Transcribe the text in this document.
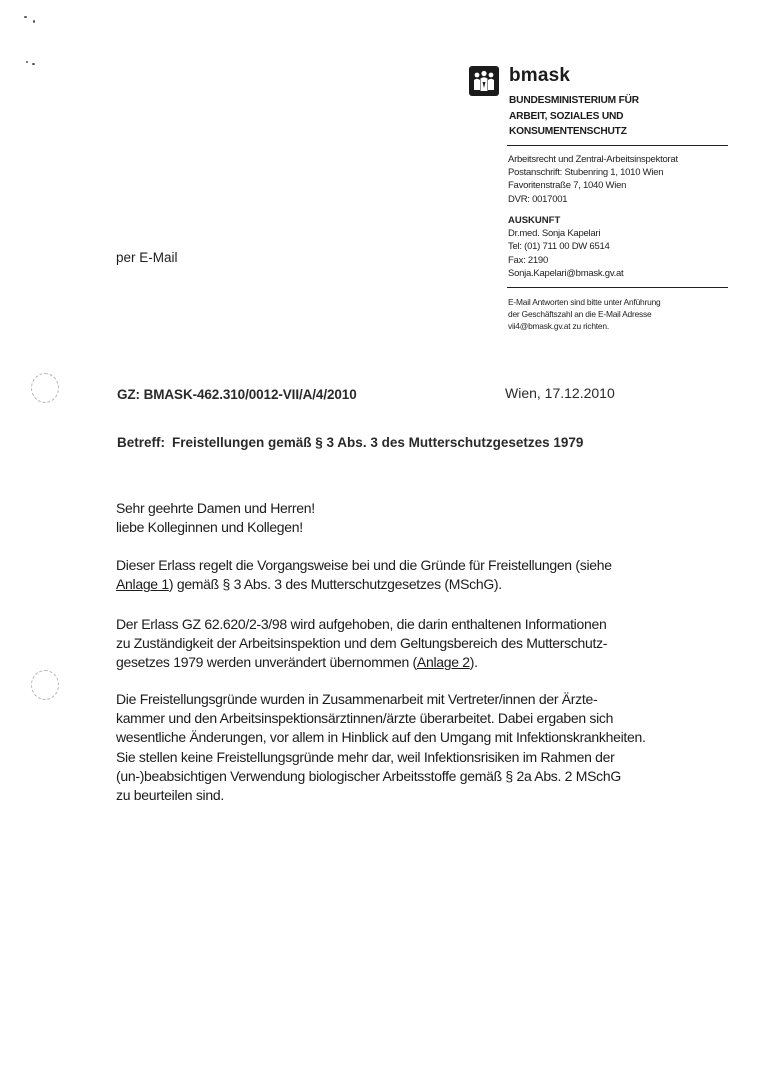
bmask
BUNDESMINISTERIUM FÜR
ARBEIT, SOZIALES UND
KONSUMENTENSCHUTZ
Arbeitsrecht und Zentral-Arbeitsinspektorat
Postanschrift: Stubenring 1, 1010 Wien
Favoritenstraße 7, 1040 Wien
DVR: 0017001
AUSKUNFT
Dr.med. Sonja Kapelari
Tel: (01) 711 00 DW 6514
Fax: 2190
Sonja.Kapelari@bmask.gv.at
E-Mail Antworten sind bitte unter Anführung
der Geschäftszahl an die E-Mail Adresse
vii4@bmask.gv.at zu richten.
per E-Mail
GZ: BMASK-462.310/0012-VII/A/4/2010	Wien, 17.12.2010
Betreff: Freistellungen gemäß § 3 Abs. 3 des Mutterschutzgesetzes 1979
Sehr geehrte Damen und Herren!
liebe Kolleginnen und Kollegen!
Dieser Erlass regelt die Vorgangsweise bei und die Gründe für Freistellungen (siehe
Anlage 1) gemäß § 3 Abs. 3 des Mutterschutzgesetzes (MSchG).
Der Erlass GZ 62.620/2-3/98 wird aufgehoben, die darin enthaltenen Informationen
zu Zuständigkeit der Arbeitsinspektion und dem Geltungsbereich des Mutterschutz-
gesetzes 1979 werden unverändert übernommen (Anlage 2).
Die Freistellungsgründe wurden in Zusammenarbeit mit Vertreter/innen der Ärzte-
kammer und den Arbeitsinspektionsärztinnen/ärzte überarbeitet. Dabei ergaben sich
wesentliche Änderungen, vor allem in Hinblick auf den Umgang mit Infektionskrankheiten.
Sie stellen keine Freistellungsgründe mehr dar, weil Infektionsrisiken im Rahmen der
(un-)beabsichtigen Verwendung biologischer Arbeitsstoffe gemäß § 2a Abs. 2 MSchG
zu beurteilen sind.
